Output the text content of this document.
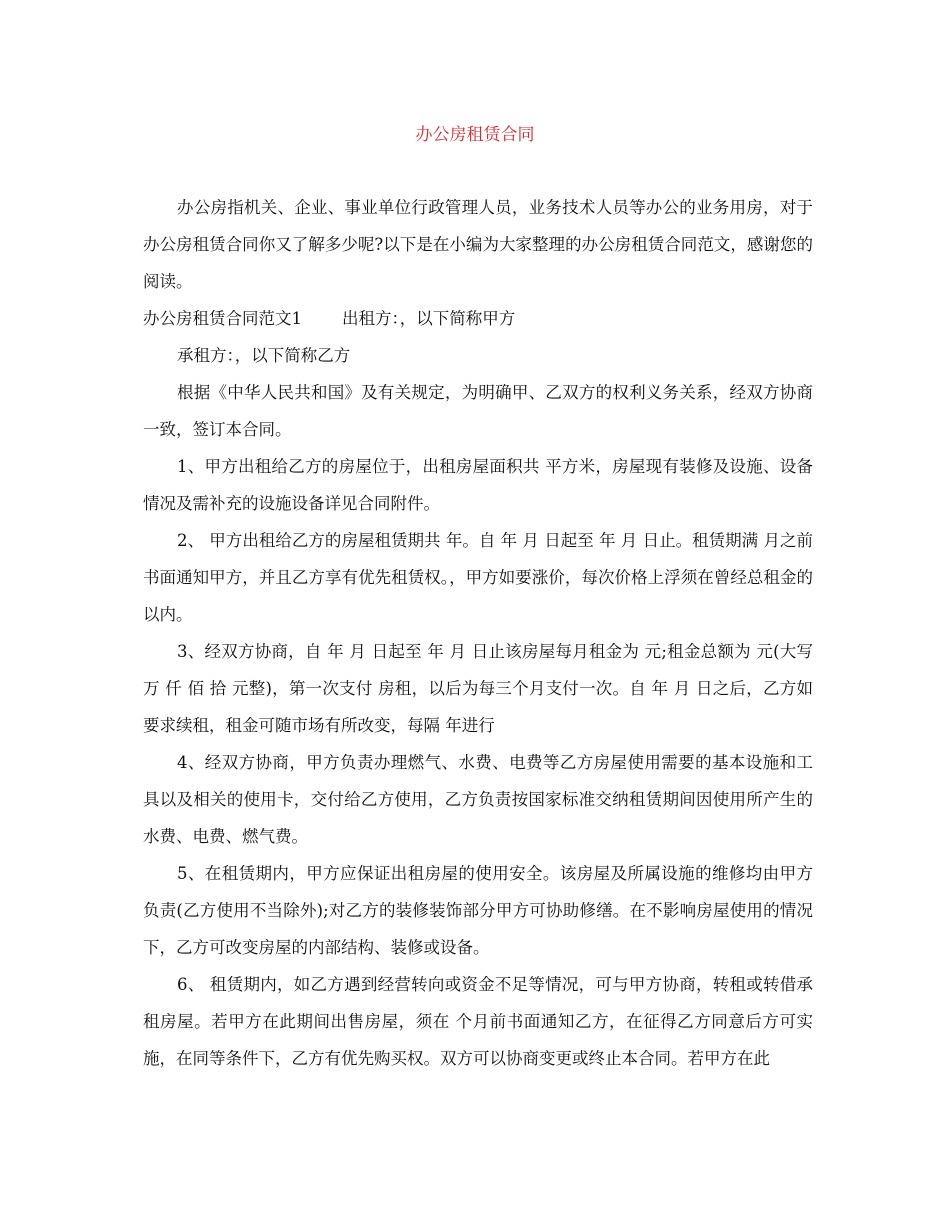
办公房租赁合同

办公房指机关、企业、事业单位行政管理人员，业务技术人员等办公的业务用房，对于办公房租赁合同你又了解多少呢?以下是在小编为大家整理的办公房租赁合同范文，感谢您的阅读。

办公房租赁合同范文1 出租方：，以下简称甲方

承租方：，以下简称乙方

根据《中华人民共和国》及有关规定，为明确甲、乙双方的权利义务关系，经双方协商一致，签订本合同。

1、甲方出租给乙方的房屋位于，出租房屋面积共 平方米，房屋现有装修及设施、设备情况及需补充的设施设备详见合同附件。

2、 甲方出租给乙方的房屋租赁期共 年。自 年 月 日起至 年 月 日止。租赁期满 月之前书面通知甲方，并且乙方享有优先租赁权。，甲方如要涨价，每次价格上浮须在曾经总租金的 以内。

3、经双方协商，自 年 月 日起至 年 月 日止该房屋每月租金为 元;租金总额为 元(大写 万 仟 佰 拾 元整)，第一次支付 房租，以后为每三个月支付一次。自 年 月 日之后，乙方如要求续租，租金可随市场有所改变，每隔 年进行

4、经双方协商，甲方负责办理燃气、水费、电费等乙方房屋使用需要的基本设施和工具以及相关的使用卡，交付给乙方使用，乙方负责按国家标准交纳租赁期间因使用所产生的水费、电费、燃气费。

5、在租赁期内，甲方应保证出租房屋的使用安全。该房屋及所属设施的维修均由甲方负责(乙方使用不当除外);对乙方的装修装饰部分甲方可协助修缮。在不影响房屋使用的情况下，乙方可改变房屋的内部结构、装修或设备。

6、 租赁期内，如乙方遇到经营转向或资金不足等情况，可与甲方协商，转租或转借承租房屋。若甲方在此期间出售房屋，须在 个月前书面通知乙方，在征得乙方同意后方可实施，在同等条件下，乙方有优先购买权。双方可以协商变更或终止本合同。若甲方在此
